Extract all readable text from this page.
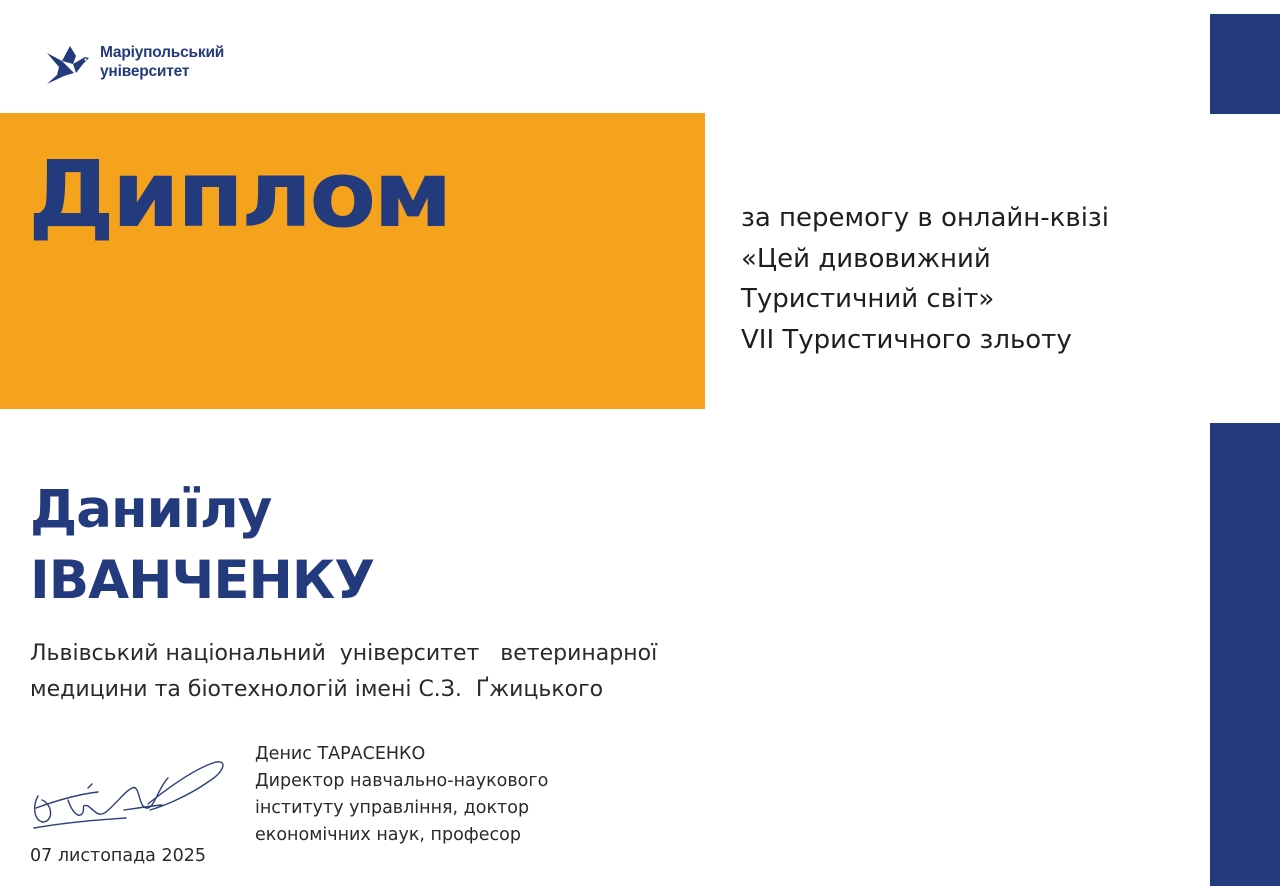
Маріупольський
університет
Диплом	за перемогу в онлайн-квізі
«Цей дивовижний
Туристичний світ»
VII Туристичного зльоту
Даниїлу
ІВАНЧЕНКУ
Львівський національний  університет   ветеринарної
медицини та біотехнологій імені С.З.  Ґжицького
Денис ТАРАСЕНКО
Директор навчально-наукового
інституту управління, доктор
економічних наук, професор
07 листопада 2025
